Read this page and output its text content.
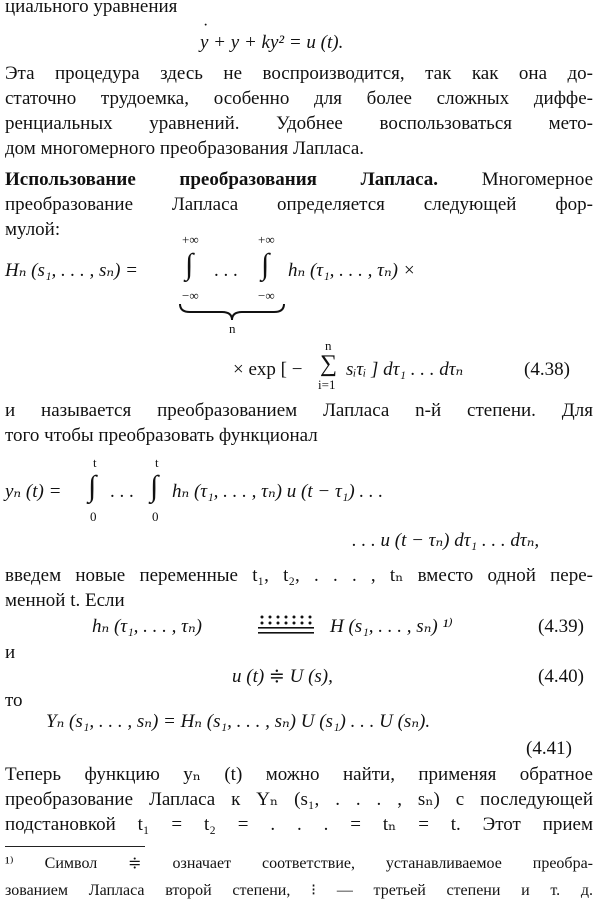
циального уравнения
y + y + ky² = u (t).
·
Эта процедура здесь не воспроизводится, так как она до-
статочно трудоемка, особенно для более сложных диффе-
ренциальных уравнений. Удобнее воспользоваться мето-
дом многомерного преобразования Лапласа.
Использование преобразования Лапласа. Многомерное
преобразование Лапласа определяется следующей фор-
мулой:
Hₙ (s₁, . . . , sₙ) =
+∞
∫
−∞
. . .
+∞
∫
−∞
hₙ (τ₁, . . . , τₙ) ×
n
× exp [ −
n
∑
i=1
sᵢτᵢ ] dτ₁ . . . dτₙ	(4.38)
и называется преобразованием Лапласа n-й степени. Для
того чтобы преобразовать функционал
yₙ (t) =
t
∫
0
. . .
t
∫
0
hₙ (τ₁, . . . , τₙ) u (t − τ₁) . . .
. . . u (t − τₙ) dτ₁ . . . dτₙ,
введем новые переменные t₁, t₂, . . . , tₙ вместо одной пере-
менной t. Если
hₙ (τ₁, . . . , τₙ)	H (s₁, . . . , sₙ) ¹⁾	(4.39)
и
u (t) ≑ U (s),	(4.40)
то
Yₙ (s₁, . . . , sₙ) = Hₙ (s₁, . . . , sₙ) U (s₁) . . . U (sₙ).
(4.41)
Теперь функцию yₙ (t) можно найти, применяя обратное
преобразование Лапласа к Yₙ (s₁, . . . , sₙ) с последующей
подстановкой t₁ = t₂ = . . . = tₙ = t. Этот прием
¹⁾ Символ ≑ означает соответствие, устанавливаемое преобра-
зованием Лапласа второй степени, ⁝ — третьей степени и т. д.
